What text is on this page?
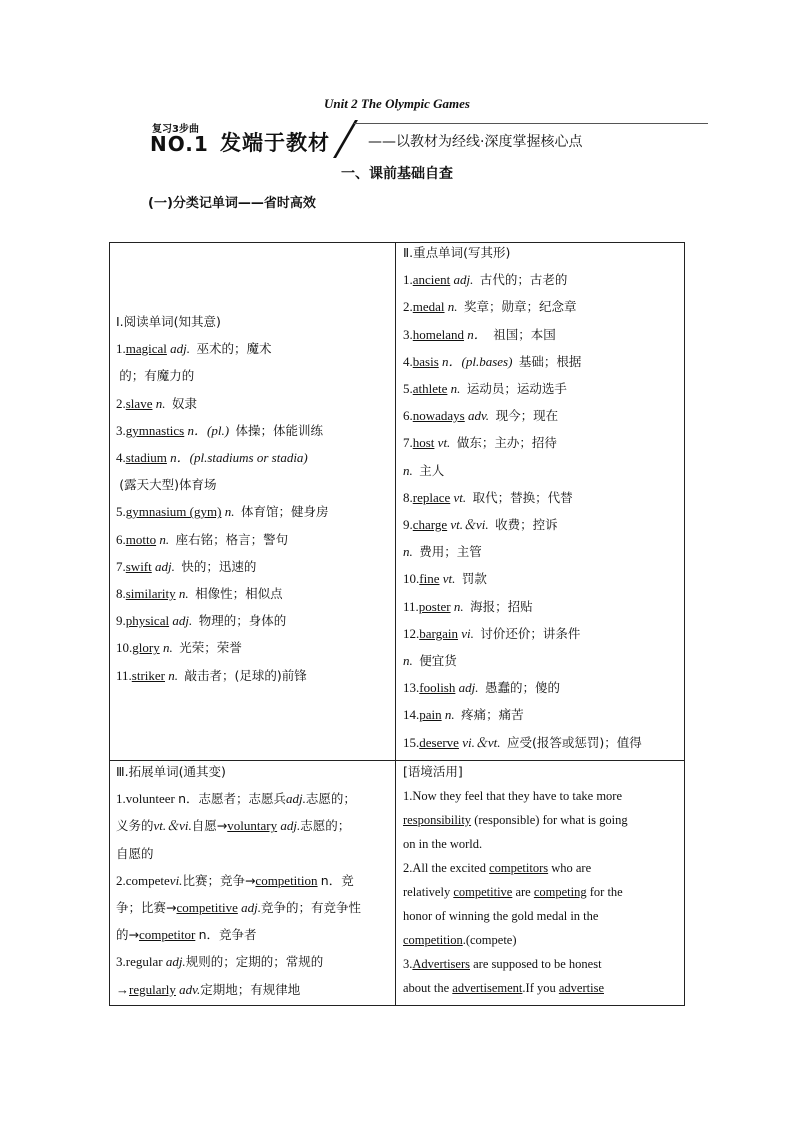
Unit 2 The Olympic Games
复习3步曲
NO.1 发端于教材	——以教材为经线·深度掌握核心点
一、课前基础自查
(一)分类记单词——省时高效
Ⅰ.阅读单词(知其意)
1.magical adj. 巫术的；魔术
的；有魔力的
2.slave n. 奴隶
3.gymnastics n．(pl.) 体操；体能训练
4.stadium n．(pl.stadiums or stadia)
(露天大型)体育场
5.gymnasium (gym) n. 体育馆；健身房
6.motto n. 座右铭；格言；警句
7.swift adj. 快的；迅速的
8.similarity n. 相像性；相似点
9.physical adj. 物理的；身体的
10.glory n. 光荣；荣誉
11.striker n. 敲击者；(足球的)前锋
Ⅱ.重点单词(写其形)
1.ancient adj. 古代的；古老的
2.medal n. 奖章；勋章；纪念章
3.homeland n． 祖国；本国
4.basis n．(pl.bases) 基础；根据
5.athlete n. 运动员；运动选手
6.nowadays adv. 现今；现在
7.host vt. 做东；主办；招待
n. 主人
8.replace vt. 取代；替换；代替
9.charge vt.＆vi. 收费；控诉
n. 费用；主管
10.fine vt. 罚款
11.poster n. 海报；招贴
12.bargain vi. 讨价还价；讲条件
n. 便宜货
13.foolish adj. 愚蠢的；傻的
14.pain n. 疼痛；痛苦
15.deserve vi.＆vt. 应受(报答或惩罚)；值得
Ⅲ.拓展单词(通其变)
1.volunteer n．志愿者；志愿兵adj.志愿的；
义务的vt.＆vi.自愿→voluntary adj.志愿的；
自愿的
2.competevi.比赛；竞争→competition n．竞
争；比赛→competitive adj.竞争的；有竞争性
的→competitor n．竞争者
3.regular adj.规则的；定期的；常规的
→regularly adv.定期地；有规律地
[语境活用]
1.Now they feel that they have to take more
responsibility (responsible) for what is going
on in the world.
2.All the excited competitors who are
relatively competitive are competing for the
honor of winning the gold medal in the
competition.(compete)
3.Advertisers are supposed to be honest
about the advertisement.If you advertise
